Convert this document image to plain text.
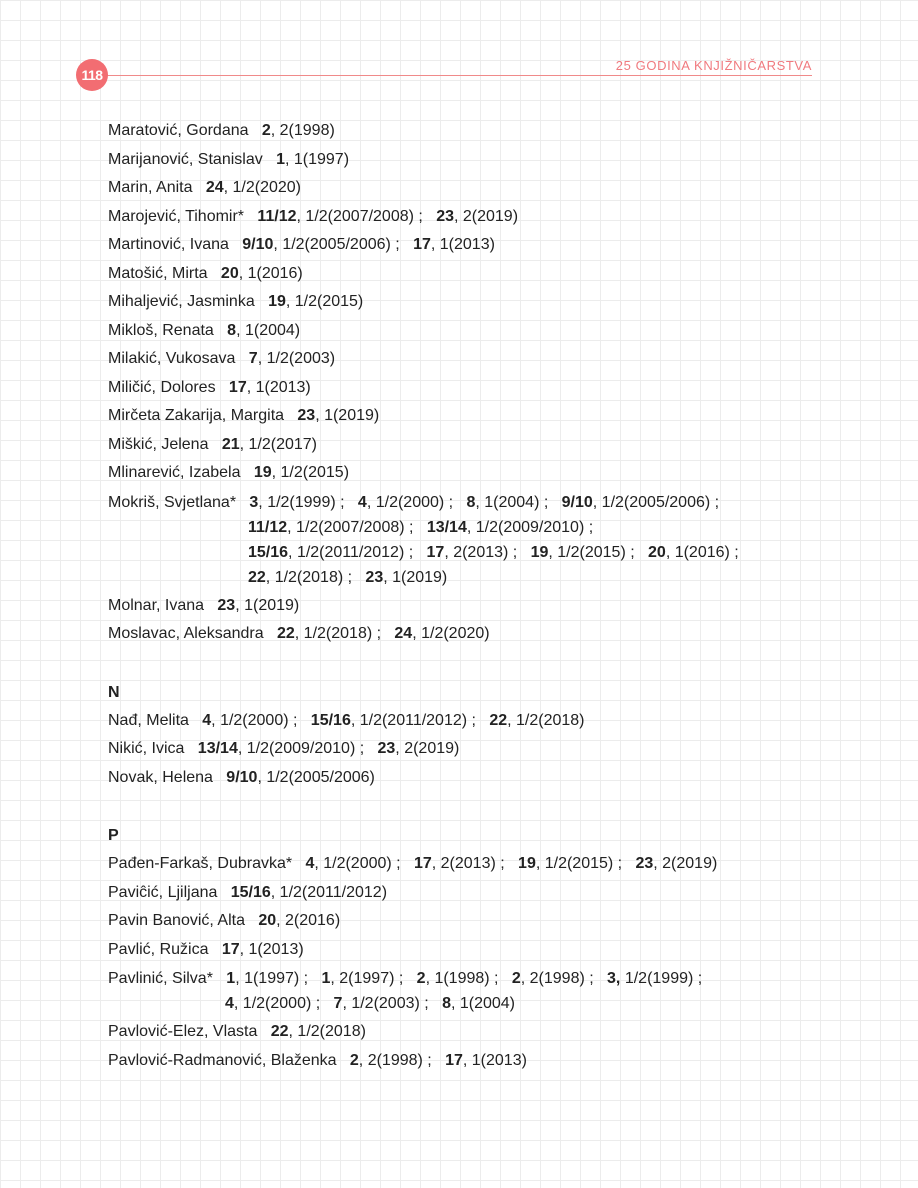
118
25 GODINA KNJIŽNIČARSTVA
Maratović, Gordana 2, 2(1998)
Marijanović, Stanislav 1, 1(1997)
Marin, Anita 24, 1/2(2020)
Marojević, Tihomir* 11/12, 1/2(2007/2008) ; 23, 2(2019)
Martinović, Ivana 9/10, 1/2(2005/2006) ; 17, 1(2013)
Matošić, Mirta 20, 1(2016)
Mihaljević, Jasminka 19, 1/2(2015)
Mikloš, Renata 8, 1(2004)
Milakić, Vukosava 7, 1/2(2003)
Miličić, Dolores 17, 1(2013)
Mirčeta Zakarija, Margita 23, 1(2019)
Miškić, Jelena 21, 1/2(2017)
Mlinarević, Izabela 19, 1/2(2015)
Mokriš, Svjetlana* 3, 1/2(1999) ; 4, 1/2(2000) ; 8, 1(2004) ; 9/10, 1/2(2005/2006) ;
11/12, 1/2(2007/2008) ; 13/14, 1/2(2009/2010) ;
15/16, 1/2(2011/2012) ; 17, 2(2013) ; 19, 1/2(2015) ; 20, 1(2016) ;
22, 1/2(2018) ; 23, 1(2019)
Molnar, Ivana 23, 1(2019)
Moslavac, Aleksandra 22, 1/2(2018) ; 24, 1/2(2020)
N
Nađ, Melita 4, 1/2(2000) ; 15/16, 1/2(2011/2012) ; 22, 1/2(2018)
Nikić, Ivica 13/14, 1/2(2009/2010) ; 23, 2(2019)
Novak, Helena 9/10, 1/2(2005/2006)
P
Pađen-Farkaš, Dubravka* 4, 1/2(2000) ; 17, 2(2013) ; 19, 1/2(2015) ; 23, 2(2019)
Paviĉić, Ljiljana 15/16, 1/2(2011/2012)
Pavin Banović, Alta 20, 2(2016)
Pavlić, Ružica 17, 1(2013)
Pavlinić, Silva* 1, 1(1997) ; 1, 2(1997) ; 2, 1(1998) ; 2, 2(1998) ; 3, 1/2(1999) ;
4, 1/2(2000) ; 7, 1/2(2003) ; 8, 1(2004)
Pavlović-Elez, Vlasta 22, 1/2(2018)
Pavlović-Radmanović, Blaženka 2, 2(1998) ; 17, 1(2013)
